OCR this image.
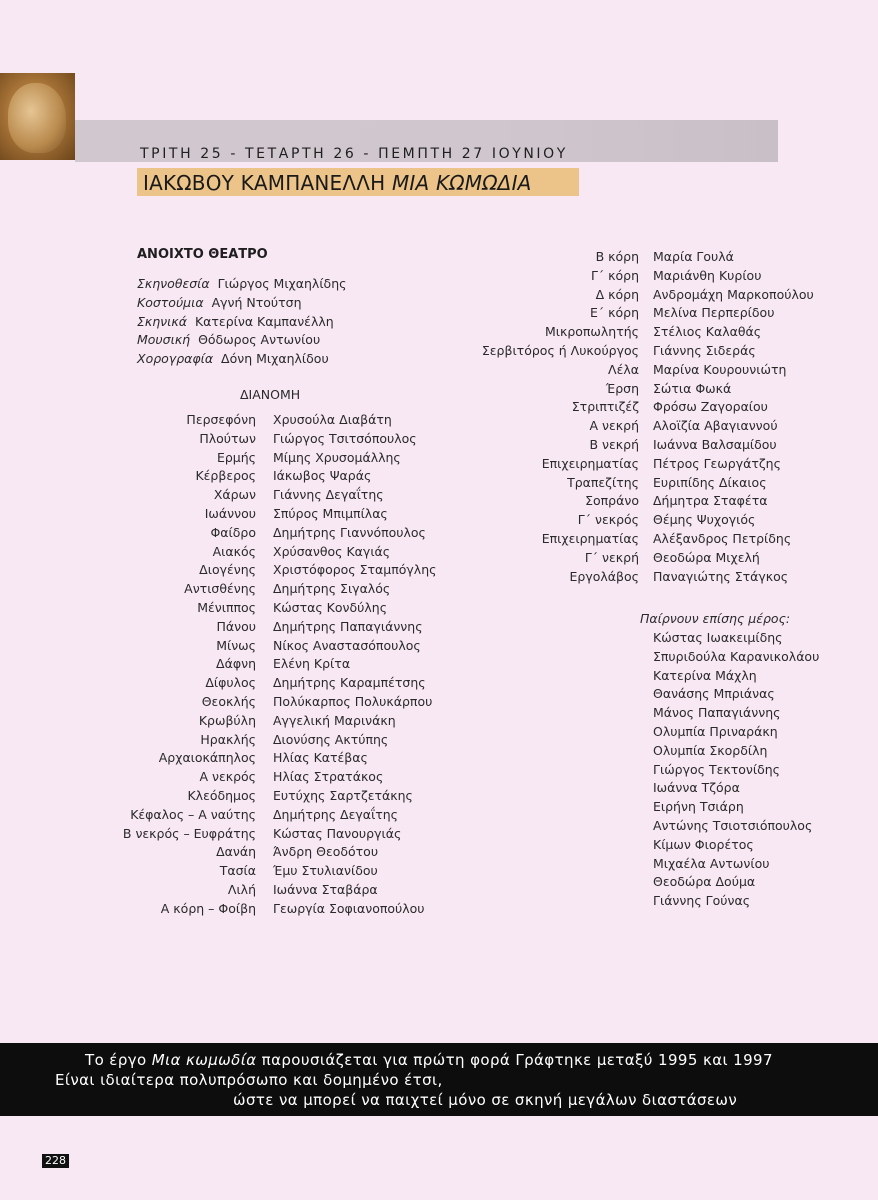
ΤΡΙΤΗ 25 - ΤΕΤΑΡΤΗ 26 - ΠΕΜΠΤΗ 27 ΙΟΥΝΙΟΥ
ΙΑΚΩΒΟΥ ΚΑΜΠΑΝΕΛΛΗ ΜΙΑ ΚΩΜΩΔΙΑ
ΑΝΟΙΧΤΟ ΘΕΑΤΡΟ
Σκηνοθεσία Γιώργος Μιχαηλίδης
Κοστούμια Αγνή Ντούτση
Σκηνικά Κατερίνα Καμπανέλλη
Μουσική Θόδωρος Αντωνίου
Χορογραφία Δόνη Μιχαηλίδου
ΔΙΑΝΟΜΗ
Περσεφόνη Χρυσούλα Διαβάτη
Πλούτων Γιώργος Τσιτσόπουλος
Ερμής Μίμης Χρυσομάλλης
Κέρβερος Ιάκωβος Ψαράς
Χάρων Γιάννης Δεγαΐτης
Ιωάννου Σπύρος Μπιμπίλας
Φαίδρο Δημήτρης Γιαννόπουλος
Αιακός Χρύσανθος Καγιάς
Διογένης Χριστόφορος Σταμπόγλης
Αντισθένης Δημήτρης Σιγαλός
Μένιππος Κώστας Κονδύλης
Πάνου Δημήτρης Παπαγιάννης
Μίνως Νίκος Αναστασόπουλος
Δάφνη Ελένη Κρίτα
Δίφυλος Δημήτρης Καραμπέτσης
Θεοκλής Πολύκαρπος Πολυκάρπου
Κρωβύλη Αγγελική Μαρινάκη
Ηρακλής Διονύσης Ακτύπης
Αρχαιοκάπηλος Ηλίας Κατέβας
Α νεκρός Ηλίας Στρατάκος
Κλεόδημος Ευτύχης Σαρτζετάκης
Κέφαλος – Α ναύτης Δημήτρης Δεγαΐτης
Β νεκρός – Ευφράτης Κώστας Πανουργιάς
Δανάη Άνδρη Θεοδότου
Τασία Έμυ Στυλιανίδου
Λιλή Ιωάννα Σταβάρα
Α κόρη – Φοίβη Γεωργία Σοφιανοπούλου
Β κόρη Μαρία Γουλά
Γ΄ κόρη Μαριάνθη Κυρίου
Δ κόρη Ανδρομάχη Μαρκοπούλου
Ε΄ κόρη Μελίνα Περπερίδου
Μικροπωλητής Στέλιος Καλαθάς
Σερβιτόρος ή Λυκούργος Γιάννης Σιδεράς
Λέλα Μαρίνα Κουρουνιώτη
Έρση Σώτια Φωκά
Στριπτιζέζ Φρόσω Ζαγοραίου
Α νεκρή Αλοϊζία Αβαγιαννού
Β νεκρή Ιωάννα Βαλσαμίδου
Επιχειρηματίας Πέτρος Γεωργάτζης
Τραπεζίτης Ευριπίδης Δίκαιος
Σοπράνο Δήμητρα Σταφέτα
Γ΄ νεκρός Θέμης Ψυχογιός
Επιχειρηματίας Αλέξανδρος Πετρίδης
Γ΄ νεκρή Θεοδώρα Μιχελή
Εργολάβος Παναγιώτης Στάγκος
Παίρνουν επίσης μέρος:
Κώστας Ιωακειμίδης
Σπυριδούλα Καρανικολάου
Κατερίνα Μάχλη
Θανάσης Μπριάνας
Μάνος Παπαγιάννης
Ολυμπία Πριναράκη
Ολυμπία Σκορδίλη
Γιώργος Τεκτονίδης
Ιωάννα Τζόρα
Ειρήνη Τσιάρη
Αντώνης Τσιοτσιόπουλος
Κίμων Φιορέτος
Μιχαέλα Αντωνίου
Θεοδώρα Δούμα
Γιάννης Γούνας
Το έργο Μια κωμωδία παρουσιάζεται για πρώτη φορά Γράφτηκε μεταξύ 1995 και 1997
Είναι ιδιαίτερα πολυπρόσωπο και δομημένο έτσι,
ώστε να μπορεί να παιχτεί μόνο σε σκηνή μεγάλων διαστάσεων
228
